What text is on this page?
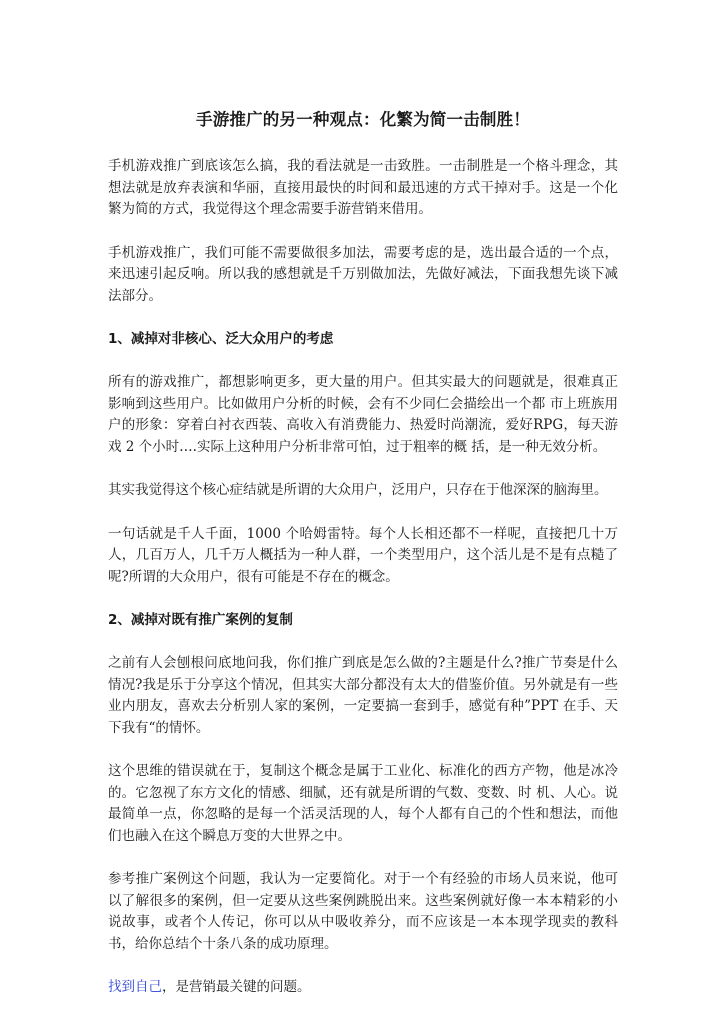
手游推广的另一种观点：化繁为简一击制胜！

手机游戏推广到底该怎么搞，我的看法就是一击致胜。一击制胜是一个格斗理念，其想法就是放弃表演和华丽，直接用最快的时间和最迅速的方式干掉对手。这是一个化繁为简的方式，我觉得这个理念需要手游营销来借用。

手机游戏推广，我们可能不需要做很多加法，需要考虑的是，选出最合适的一个点，来迅速引起反响。所以我的感想就是千万别做加法，先做好减法，下面我想先谈下减法部分。

1、减掉对非核心、泛大众用户的考虑

所有的游戏推广，都想影响更多，更大量的用户。但其实最大的问题就是，很难真正影响到这些用户。比如做用户分析的时候，会有不少同仁会描绘出一个都 市上班族用户的形象：穿着白衬衣西装、高收入有消费能力、热爱时尚潮流，爱好RPG，每天游戏 2 个小时….实际上这种用户分析非常可怕，过于粗率的概 括，是一种无效分析。

其实我觉得这个核心症结就是所谓的大众用户，泛用户，只存在于他深深的脑海里。

一句话就是千人千面，1000 个哈姆雷特。每个人长相还都不一样呢，直接把几十万人，几百万人，几千万人概括为一种人群，一个类型用户，这个活儿是不是有点糙了呢?所谓的大众用户，很有可能是不存在的概念。

2、减掉对既有推广案例的复制

之前有人会刨根问底地问我，你们推广到底是怎么做的?主题是什么?推广节奏是什么情况?我是乐于分享这个情况，但其实大部分都没有太大的借鉴价值。另外就是有一些业内朋友，喜欢去分析别人家的案例，一定要搞一套到手，感觉有种”PPT 在手、天下我有“的情怀。

这个思维的错误就在于，复制这个概念是属于工业化、标准化的西方产物，他是冰冷的。它忽视了东方文化的情感、细腻，还有就是所谓的气数、变数、时 机、人心。说最简单一点，你忽略的是每一个活灵活现的人，每个人都有自己的个性和想法，而他们也融入在这个瞬息万变的大世界之中。

参考推广案例这个问题，我认为一定要简化。对于一个有经验的市场人员来说，他可以了解很多的案例，但一定要从这些案例跳脱出来。这些案例就好像一本本精彩的小说故事，或者个人传记，你可以从中吸收养分，而不应该是一本本现学现卖的教科书，给你总结个十条八条的成功原理。

找到自己，是营销最关键的问题。
